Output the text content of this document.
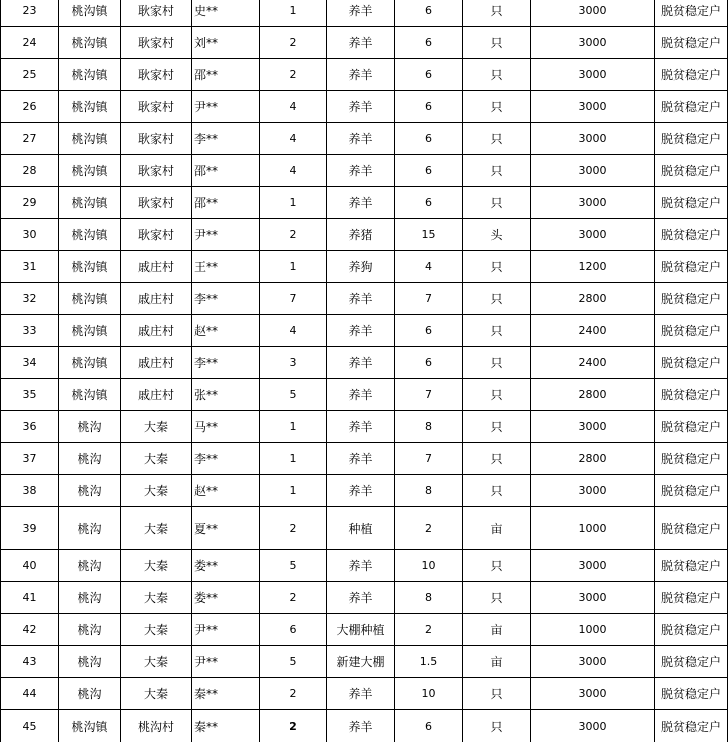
23	桃沟镇	耿家村	史**	1	养羊	6	只	3000	脱贫稳定户
24	桃沟镇	耿家村	刘**	2	养羊	6	只	3000	脱贫稳定户
25	桃沟镇	耿家村	邵**	2	养羊	6	只	3000	脱贫稳定户
26	桃沟镇	耿家村	尹**	4	养羊	6	只	3000	脱贫稳定户
27	桃沟镇	耿家村	李**	4	养羊	6	只	3000	脱贫稳定户
28	桃沟镇	耿家村	邵**	4	养羊	6	只	3000	脱贫稳定户
29	桃沟镇	耿家村	邵**	1	养羊	6	只	3000	脱贫稳定户
30	桃沟镇	耿家村	尹**	2	养猪	15	头	3000	脱贫稳定户
31	桃沟镇	戚庄村	王**	1	养狗	4	只	1200	脱贫稳定户
32	桃沟镇	戚庄村	李**	7	养羊	7	只	2800	脱贫稳定户
33	桃沟镇	戚庄村	赵**	4	养羊	6	只	2400	脱贫稳定户
34	桃沟镇	戚庄村	李**	3	养羊	6	只	2400	脱贫稳定户
35	桃沟镇	戚庄村	张**	5	养羊	7	只	2800	脱贫稳定户
36	桃沟	大秦	马**	1	养羊	8	只	3000	脱贫稳定户
37	桃沟	大秦	李**	1	养羊	7	只	2800	脱贫稳定户
38	桃沟	大秦	赵**	1	养羊	8	只	3000	脱贫稳定户
39	桃沟	大秦	夏**	2	种植	2	亩	1000	脱贫稳定户
40	桃沟	大秦	娄**	5	养羊	10	只	3000	脱贫稳定户
41	桃沟	大秦	娄**	2	养羊	8	只	3000	脱贫稳定户
42	桃沟	大秦	尹**	6	大棚种植	2	亩	1000	脱贫稳定户
43	桃沟	大秦	尹**	5	新建大棚	1.5	亩	3000	脱贫稳定户
44	桃沟	大秦	秦**	2	养羊	10	只	3000	脱贫稳定户
45	桃沟镇	桃沟村	秦**	2	养羊	6	只	3000	脱贫稳定户
